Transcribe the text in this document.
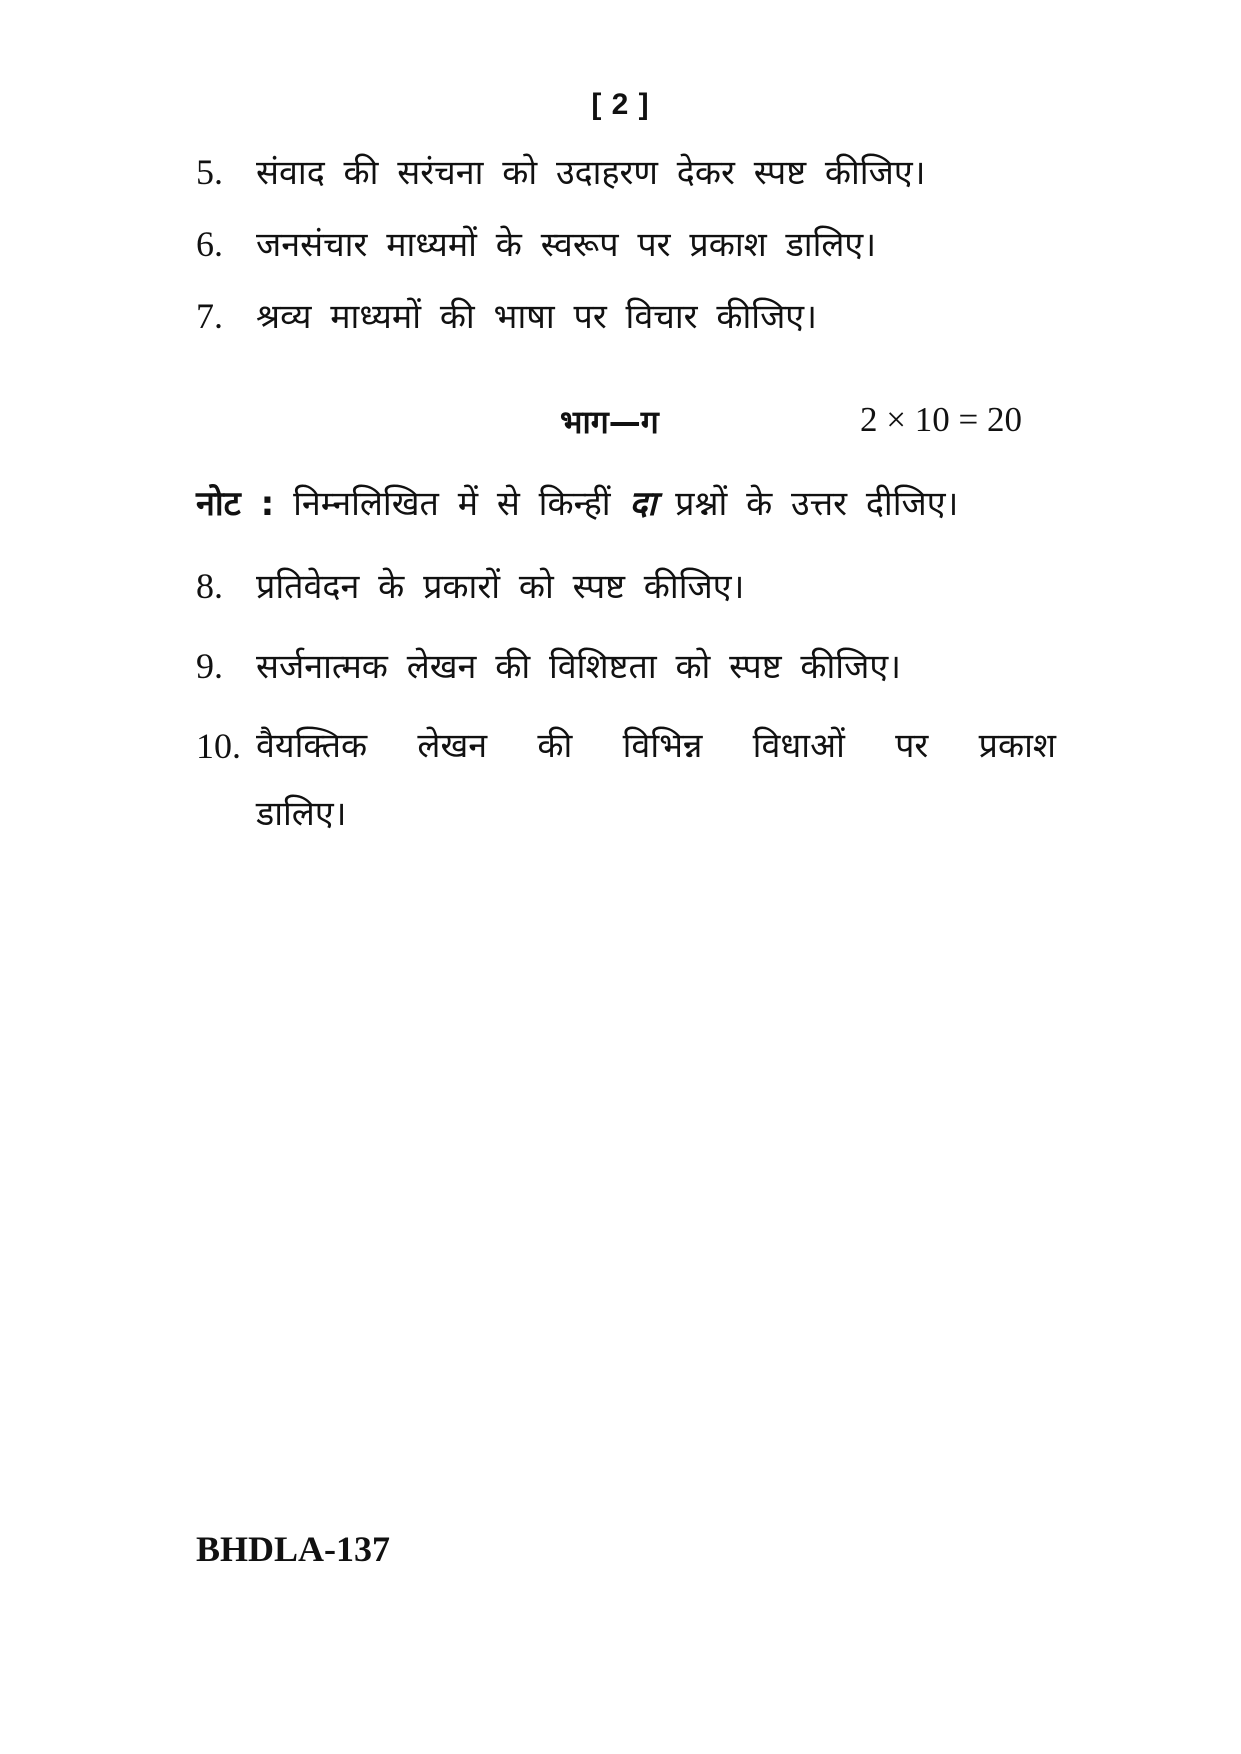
[ 2 ]
5. संवाद की सरंचना को उदाहरण देकर स्पष्ट कीजिए।
6. जनसंचार माध्यमों के स्वरूप पर प्रकाश डालिए।
7. श्रव्य माध्यमों की भाषा पर विचार कीजिए।
भाग—ग	2 × 10 = 20
नोट : निम्नलिखित में से किन्हीं दा प्रश्नों के उत्तर दीजिए।
8. प्रतिवेदन के प्रकारों को स्पष्ट कीजिए।
9. सर्जनात्मक लेखन की विशिष्टता को स्पष्ट कीजिए।
10. वैयक्तिक लेखन की विभिन्न विधाओं पर प्रकाश डालिए।
BHDLA-137
